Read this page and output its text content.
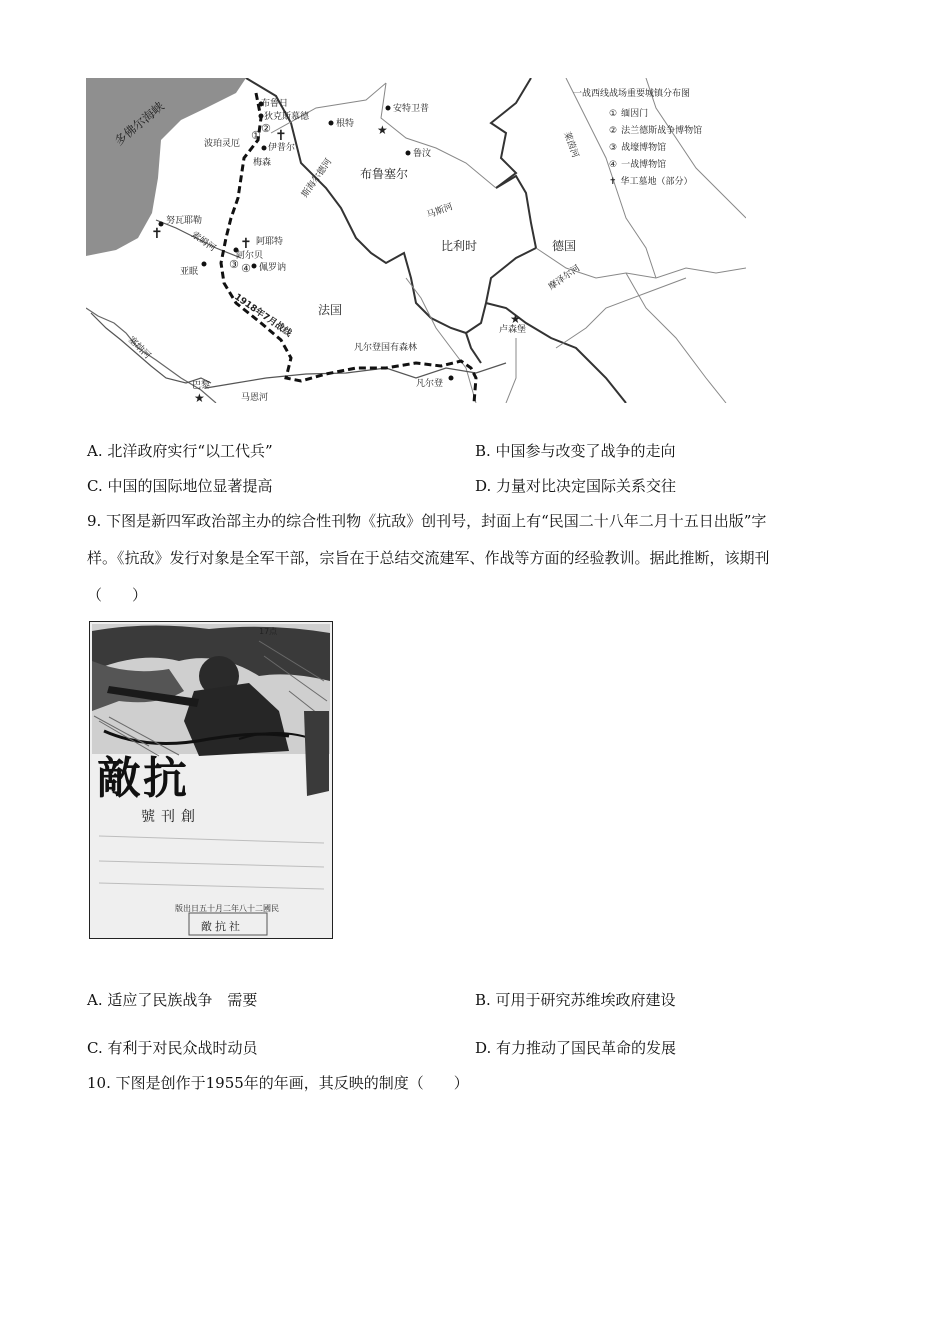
★
★
★
①
②
③ ④
✝
✝
✝
布鲁日
狄克斯慕德
根特
安特卫普
鲁汶
波珀灵厄	伊普尔
梅森
努瓦耶勒
阿耶特
阿尔贝
佩罗讷
亚眠
凡尔登国有森林
凡尔登
巴黎
马恩河
卢森堡
斯海尔德河
索姆河
塞纳河
马斯河
莱茵河
摩泽尔河
1918年7月战线
多佛尔海峡
布鲁塞尔
比利时	德国
法国
一战西线战场重要城镇分布图
① 缅因门
② 法兰德斯战争博物馆
③ 战壕博物馆
④ 一战博物馆
✝ 华工墓地（部分）
A. 北洋政府实行“以工代兵”	B. 中国参与改变了战争的走向
C. 中国的国际地位显著提高	D. 力量对比决定国际关系交往
9. 下图是新四军政治部主办的综合性刊物《抗敌》创刊号，封面上有“民国二十八年二月十五日出版”字
样。《抗敌》发行对象是全军干部，宗旨在于总结交流建军、作战等方面的经验教训。据此推断，该期刊
（　　）
17点
敵抗
號刊創
版出日五十月二年八十二國民
敵抗社
A. 适应了民族战争　需要	B. 可用于研究苏维埃政府建设
C. 有利于对民众战时动员	D. 有力推动了国民革命的发展
10. 下图是创作于1955年的年画，其反映的制度（　　）
